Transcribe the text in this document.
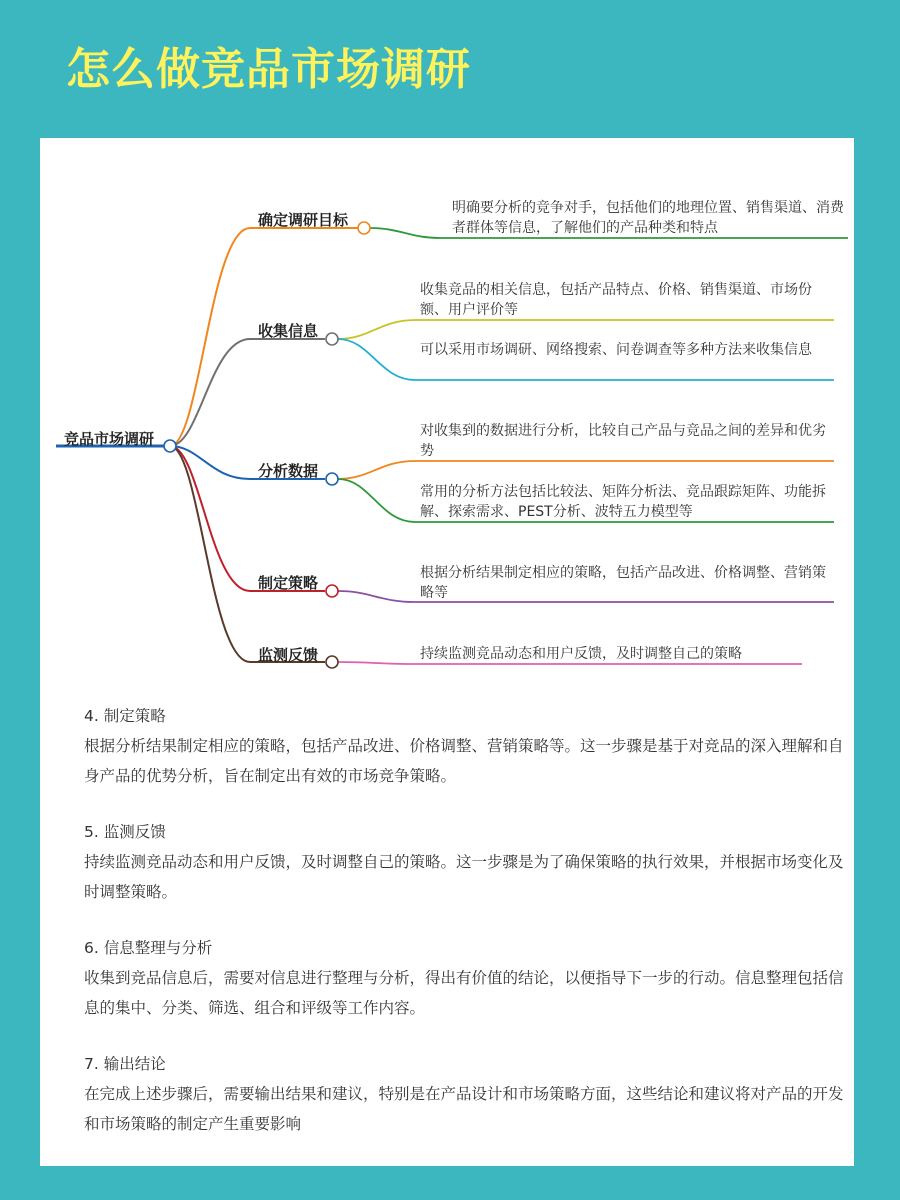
怎么做竞品市场调研
竞品市场调研
确定调研目标
收集信息
分析数据
制定策略
监测反馈
明确要分析的竞争对手，包括他们的地理位置、销售渠道、消费者群体等信息，了解他们的产品种类和特点
收集竞品的相关信息，包括产品特点、价格、销售渠道、市场份额、用户评价等
可以采用市场调研、网络搜索、问卷调查等多种方法来收集信息
对收集到的数据进行分析，比较自己产品与竞品之间的差异和优劣势
常用的分析方法包括比较法、矩阵分析法、竞品跟踪矩阵、功能拆解、探索需求、PEST分析、波特五力模型等
根据分析结果制定相应的策略，包括产品改进、价格调整、营销策略等
持续监测竞品动态和用户反馈，及时调整自己的策略
4. 制定策略
根据分析结果制定相应的策略，包括产品改进、价格调整、营销策略等。这一步骤是基于对竞品的深入理解和自身产品的优势分析，旨在制定出有效的市场竞争策略。
5. 监测反馈
持续监测竞品动态和用户反馈，及时调整自己的策略。这一步骤是为了确保策略的执行效果，并根据市场变化及时调整策略。
6. 信息整理与分析
收集到竞品信息后，需要对信息进行整理与分析，得出有价值的结论，以便指导下一步的行动。信息整理包括信息的集中、分类、筛选、组合和评级等工作内容。
7. 输出结论
在完成上述步骤后，需要输出结果和建议，特别是在产品设计和市场策略方面，这些结论和建议将对产品的开发和市场策略的制定产生重要影响
